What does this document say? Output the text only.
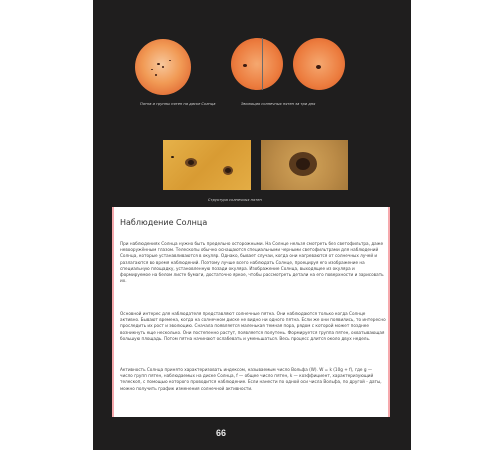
Пятна и группы пятен на диске Солнца	Эволюция солнечных пятен за три дня
Структура солнечных пятен
66
Наблюдение Солнца

При наблюдениях Солнца нужно быть предельно осторожными. На Солнце нельзя смотреть без светофильтра, даже невооружённым глазом. Телескопы обычно оснащаются специальными черными светофильтрами для наблюдений Солнца, которые устанавливаются в окуляр. Однако, бывает случаи, когда они нагреваются от солнечных лучей и разлагаются во время наблюдений. Поэтому лучше всего наблюдать Солнце, проецируя его изображение на специальную площадку, установленную позади окуляра. Изображение Солнца, выходящее из окуляра и формируемое на белом листе бумаги, достаточно яркое, чтобы рассмотреть детали на его поверхности и зарисовать их.

Основной интерес для наблюдателя представляют солнечные пятна. Они наблюдаются только когда Солнце активно. Бывают времена, когда на солнечном диске не видно ни одного пятна. Если же они появились, то интересно проследить их рост и эволюцию. Сначала появляется маленькая темная пора, рядом с которой может позднее возникнуть еще несколько. Они постепенно растут, появляется полутень. Формируется группа пятен, охватывающая большую площадь. Потом пятна начинают ослабевать и уменьшаться. Весь процесс длится около двух недель.

Активность Солнца принято характеризовать индексом, называемым число Вольфа (W). W = k (10g + f), где g — число групп пятен, наблюдаемых на диске Солнца, f — общее число пятен, k — коэффициент, характеризующий телескоп, с помощью которого проводится наблюдение. Если нанести по одной оси числа Вольфа, по другой - даты, можно получить график изменения солнечной активности.
